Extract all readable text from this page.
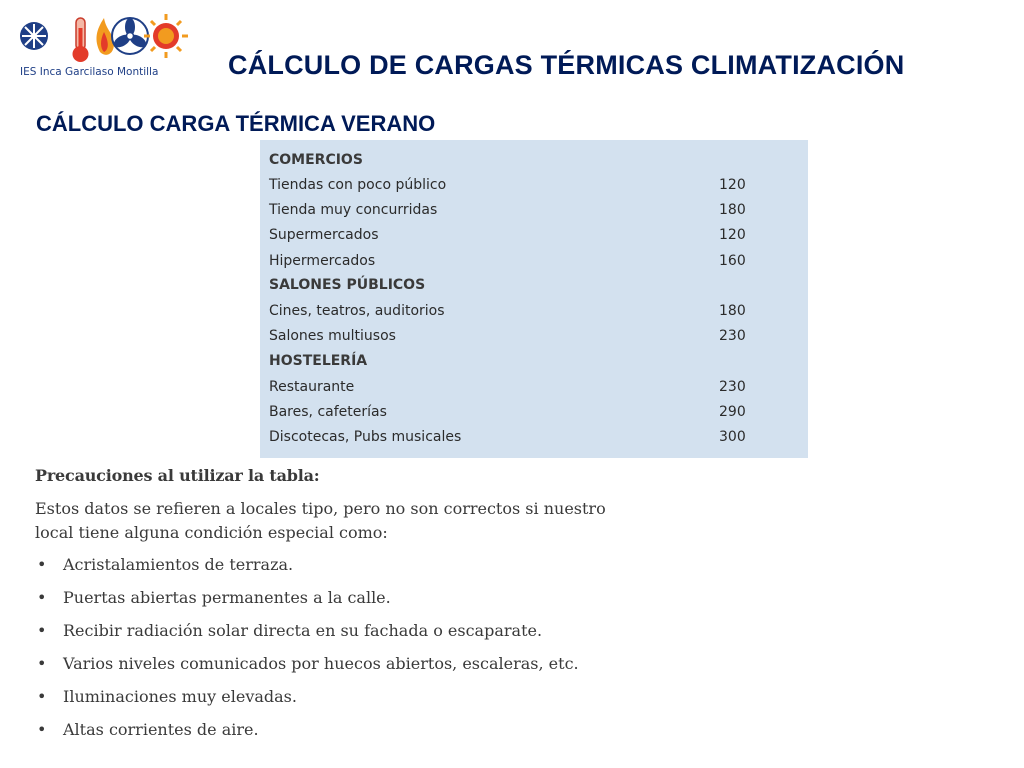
IES Inca Garcilaso Montilla	CÁLCULO DE CARGAS TÉRMICAS CLIMATIZACIÓN
CÁLCULO CARGA TÉRMICA VERANO
COMERCIOS
Tiendas con poco público	120
Tienda muy concurridas	180
Supermercados	120
Hipermercados	160
SALONES PÚBLICOS
Cines, teatros, auditorios	180
Salones multiusos	230
HOSTELERÍA
Restaurante	230
Bares, cafeterías	290
Discotecas, Pubs musicales	300
Precauciones al utilizar la tabla:
Estos datos se refieren a locales tipo, pero no son correctos si nuestro local tiene alguna condición especial como:
• Acristalamientos de terraza.
• Puertas abiertas permanentes a la calle.
• Recibir radiación solar directa en su fachada o escaparate.
• Varios niveles comunicados por huecos abiertos, escaleras, etc.
• Iluminaciones muy elevadas.
• Altas corrientes de aire.
